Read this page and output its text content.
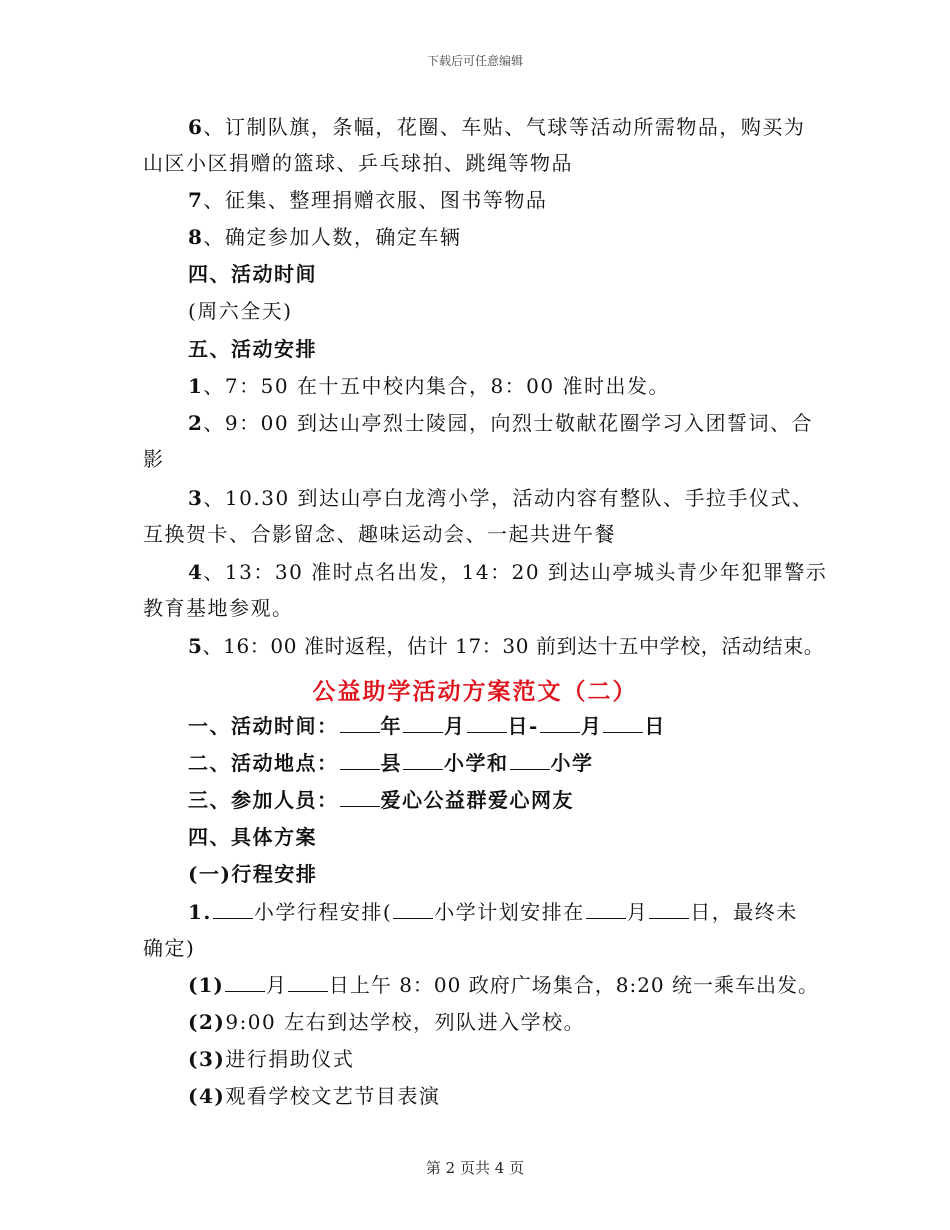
下载后可任意编辑
6、订制队旗，条幅，花圈、车贴、气球等活动所需物品，购买为
山区小区捐赠的篮球、乒乓球拍、跳绳等物品
7、征集、整理捐赠衣服、图书等物品
8、确定参加人数，确定车辆
四、活动时间
(周六全天)
五、活动安排
1、7：50 在十五中校内集合，8：00 准时出发。
2、9：00 到达山亭烈士陵园，向烈士敬献花圈学习入团誓词、合
影
3、10.30 到达山亭白龙湾小学，活动内容有整队、手拉手仪式、
互换贺卡、合影留念、趣味运动会、一起共进午餐
4、13：30 准时点名出发，14：20 到达山亭城头青少年犯罪警示
教育基地参观。
5、16：00 准时返程，估计 17：30 前到达十五中学校，活动结束。
公益助学活动方案范文（二）
一、活动时间： 年 月 日- 月 日
二、活动地点： 县 小学和 小学
三、参加人员： 爱心公益群爱心网友
四、具体方案
(一)行程安排
1. 小学行程安排( 小学计划安排在 月 日，最终未
确定)
(1) 月 日上午 8：00 政府广场集合，8:20 统一乘车出发。
(2)9:00 左右到达学校，列队进入学校。
(3)进行捐助仪式
(4)观看学校文艺节目表演
第 2 页共 4 页
